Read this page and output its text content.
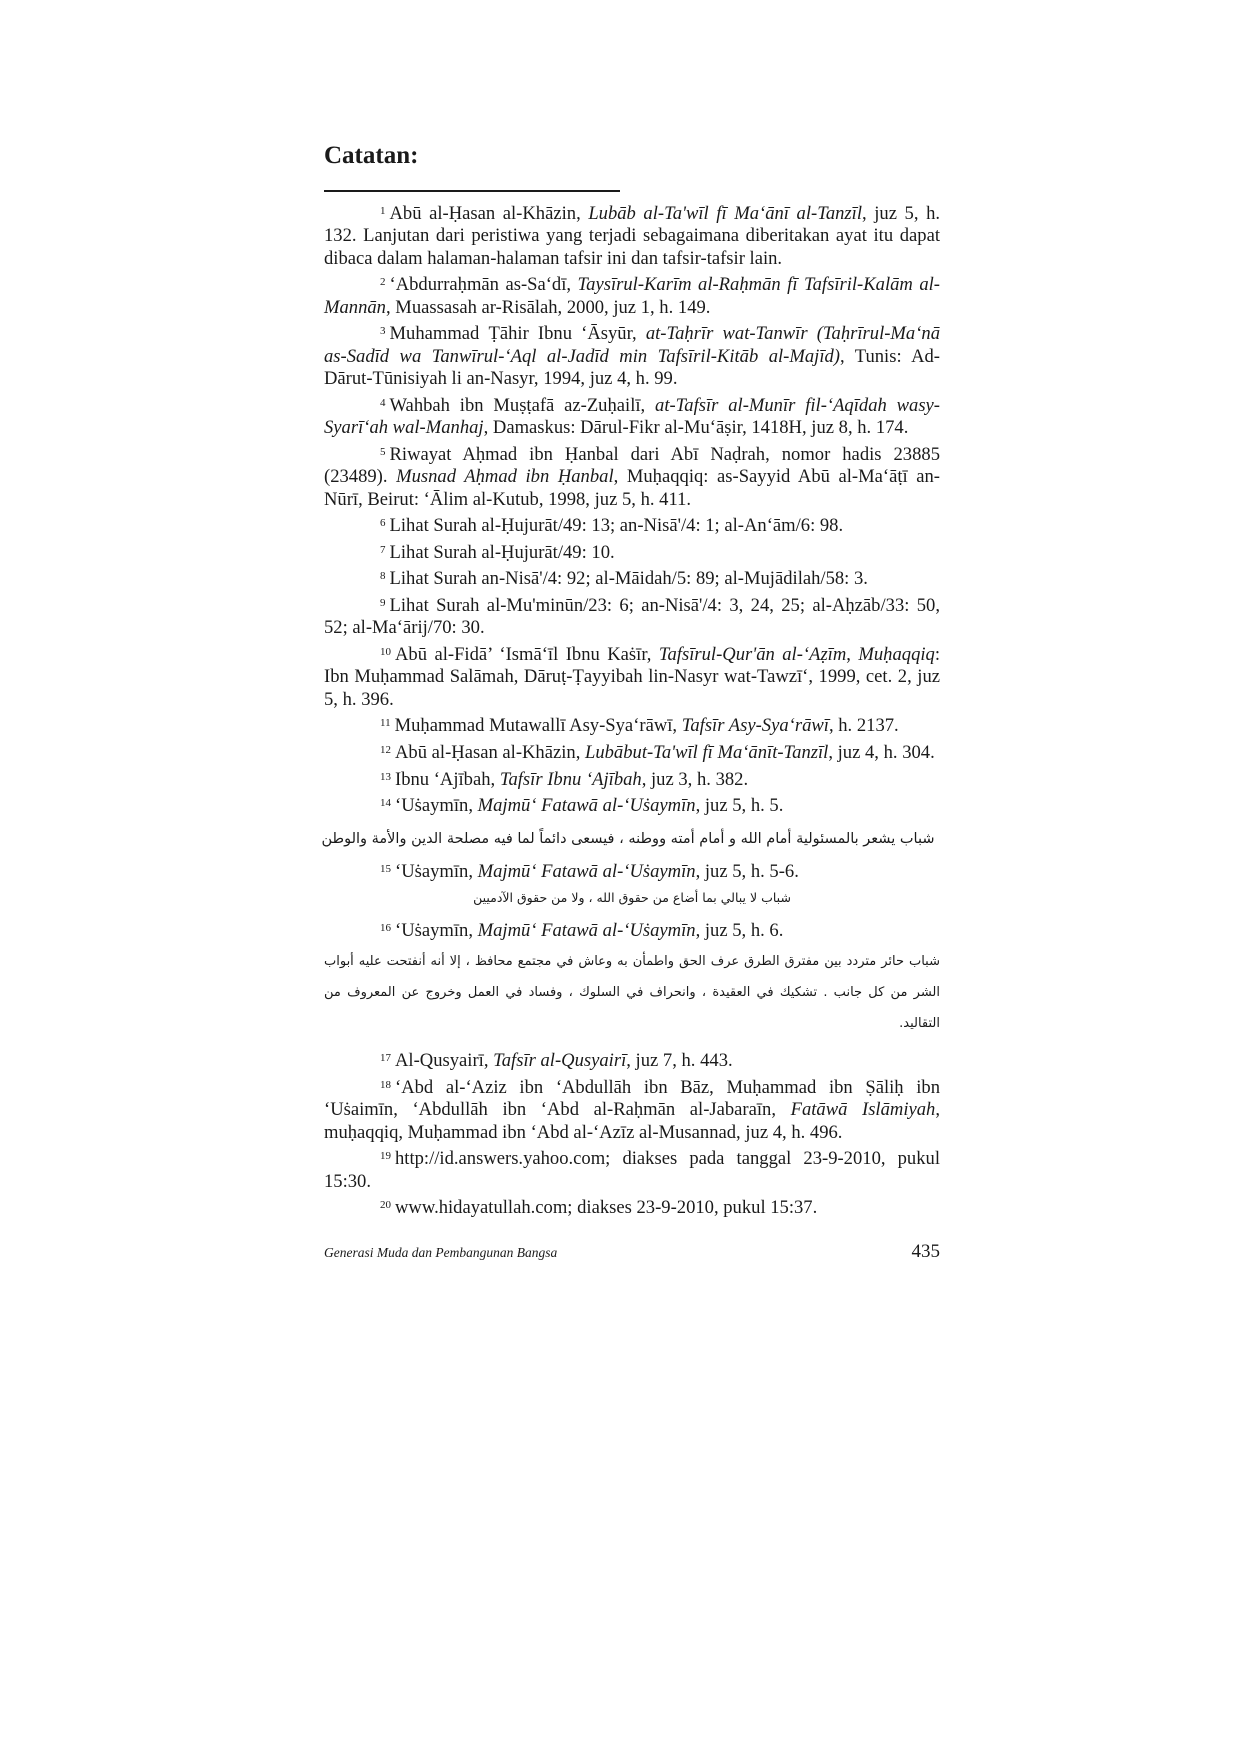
Catatan:

$^1$ Abū al-Ḥasan al-Khāzin, Lubāb al-Ta'wīl fī Ma‘ānī al-Tanzīl, juz 5, h. 132. Lanjutan dari peristiwa yang terjadi sebagaimana diberitakan ayat itu dapat dibaca dalam halaman-halaman tafsir ini dan tafsir-tafsir lain.

$^2$ ‘Abdurraḥmān as-Sa‘dī, Taysīrul-Karīm al-Raḥmān fī Tafsīril-Kalām al-Mannān, Muassasah ar-Risālah, 2000, juz 1, h. 149.

$^3$ Muhammad Ṭāhir Ibnu ‘Āsyūr, at-Taḥrīr wat-Tanwīr (Taḥrīrul-Ma‘nā as-Sadīd wa Tanwīrul-‘Aql al-Jadīd min Tafsīril-Kitāb al-Majīd), Tunis: Ad-Dārut-Tūnisiyah li an-Nasyr, 1994, juz 4, h. 99.

$^4$ Wahbah ibn Muṣṭafā az-Zuḥailī, at-Tafsīr al-Munīr fil-‘Aqīdah wasy-Syarī‘ah wal-Manhaj, Damaskus: Dārul-Fikr al-Mu‘āṣir, 1418H, juz 8, h. 174.

$^5$ Riwayat Aḥmad ibn Ḥanbal dari Abī Naḍrah, nomor hadis 23885 (23489). Musnad Aḥmad ibn Ḥanbal, Muḥaqqiq: as-Sayyid Abū al-Ma‘āṭī an-Nūrī, Beirut: ‘Ālim al-Kutub, 1998, juz 5, h. 411.

$^6$ Lihat Surah al-Ḥujurāt/49: 13; an-Nisā'/4: 1; al-An‘ām/6: 98.

$^7$ Lihat Surah al-Ḥujurāt/49: 10.

$^8$ Lihat Surah an-Nisā'/4: 92; al-Māidah/5: 89; al-Mujādilah/58: 3.

$^9$ Lihat Surah al-Mu'minūn/23: 6; an-Nisā'/4: 3, 24, 25; al-Aḥzāb/33: 50, 52; al-Ma‘ārij/70: 30.

$^{10}$ Abū al-Fidā’ ‘Ismā‘īl Ibnu Kaṡīr, Tafsīrul-Qur'ān al-‘Aẓīm, Muḥaqqiq: Ibn Muḥammad Salāmah, Dāruṭ-Ṭayyibah lin-Nasyr wat-Tawzī‘, 1999, cet. 2, juz 5, h. 396.

$^{11}$ Muḥammad Mutawallī Asy-Sya‘rāwī, Tafsīr Asy-Sya‘rāwī, h. 2137.

$^{12}$ Abū al-Ḥasan al-Khāzin, Lubābut-Ta'wīl fī Ma‘ānīt-Tanzīl, juz 4, h. 304.

$^{13}$ Ibnu ‘Ajībah, Tafsīr Ibnu ‘Ajībah, juz 3, h. 382.

$^{14}$ ‘Uṡaymīn, Majmū‘ Fatawā al-‘Uṡaymīn, juz 5, h. 5.

شباب يشعر بالمسئولية أمام الله و أمام أمته ووطنه ، فيسعى دائماً لما فيه مصلحة الدين والأمة والوطن

$^{15}$ ‘Uṡaymīn, Majmū‘ Fatawā al-‘Uṡaymīn, juz 5, h. 5-6.

شباب لا يبالي بما أضاع من حقوق الله ، ولا من حقوق الآدميين

$^{16}$ ‘Uṡaymīn, Majmū‘ Fatawā al-‘Uṡaymīn, juz 5, h. 6.

شباب حائر متردد بين مفترق الطرق عرف الحق واطمأن به وعاش في مجتمع محافظ ، إلا أنه أنفتحت عليه أبواب الشر من كل جانب . تشكيك في العقيدة ، وانحراف في السلوك ، وفساد في العمل وخروج عن المعروف من التقاليد.

$^{17}$ Al-Qusyairī, Tafsīr al-Qusyairī, juz 7, h. 443.

$^{18}$ ‘Abd al-‘Aziz ibn ‘Abdullāh ibn Bāz, Muḥammad ibn Ṣāliḥ ibn ‘Uṡaimīn, ‘Abdullāh ibn ‘Abd al-Raḥmān al-Jabaraīn, Fatāwā Islāmiyah, muḥaqqiq, Muḥammad ibn ‘Abd al-‘Azīz al-Musannad, juz 4, h. 496.

$^{19}$ http://id.answers.yahoo.com; diakses pada tanggal 23-9-2010, pukul 15:30.

$^{20}$ www.hidayatullah.com; diakses 23-9-2010, pukul 15:37.

Generasi Muda dan Pembangunan Bangsa	435
